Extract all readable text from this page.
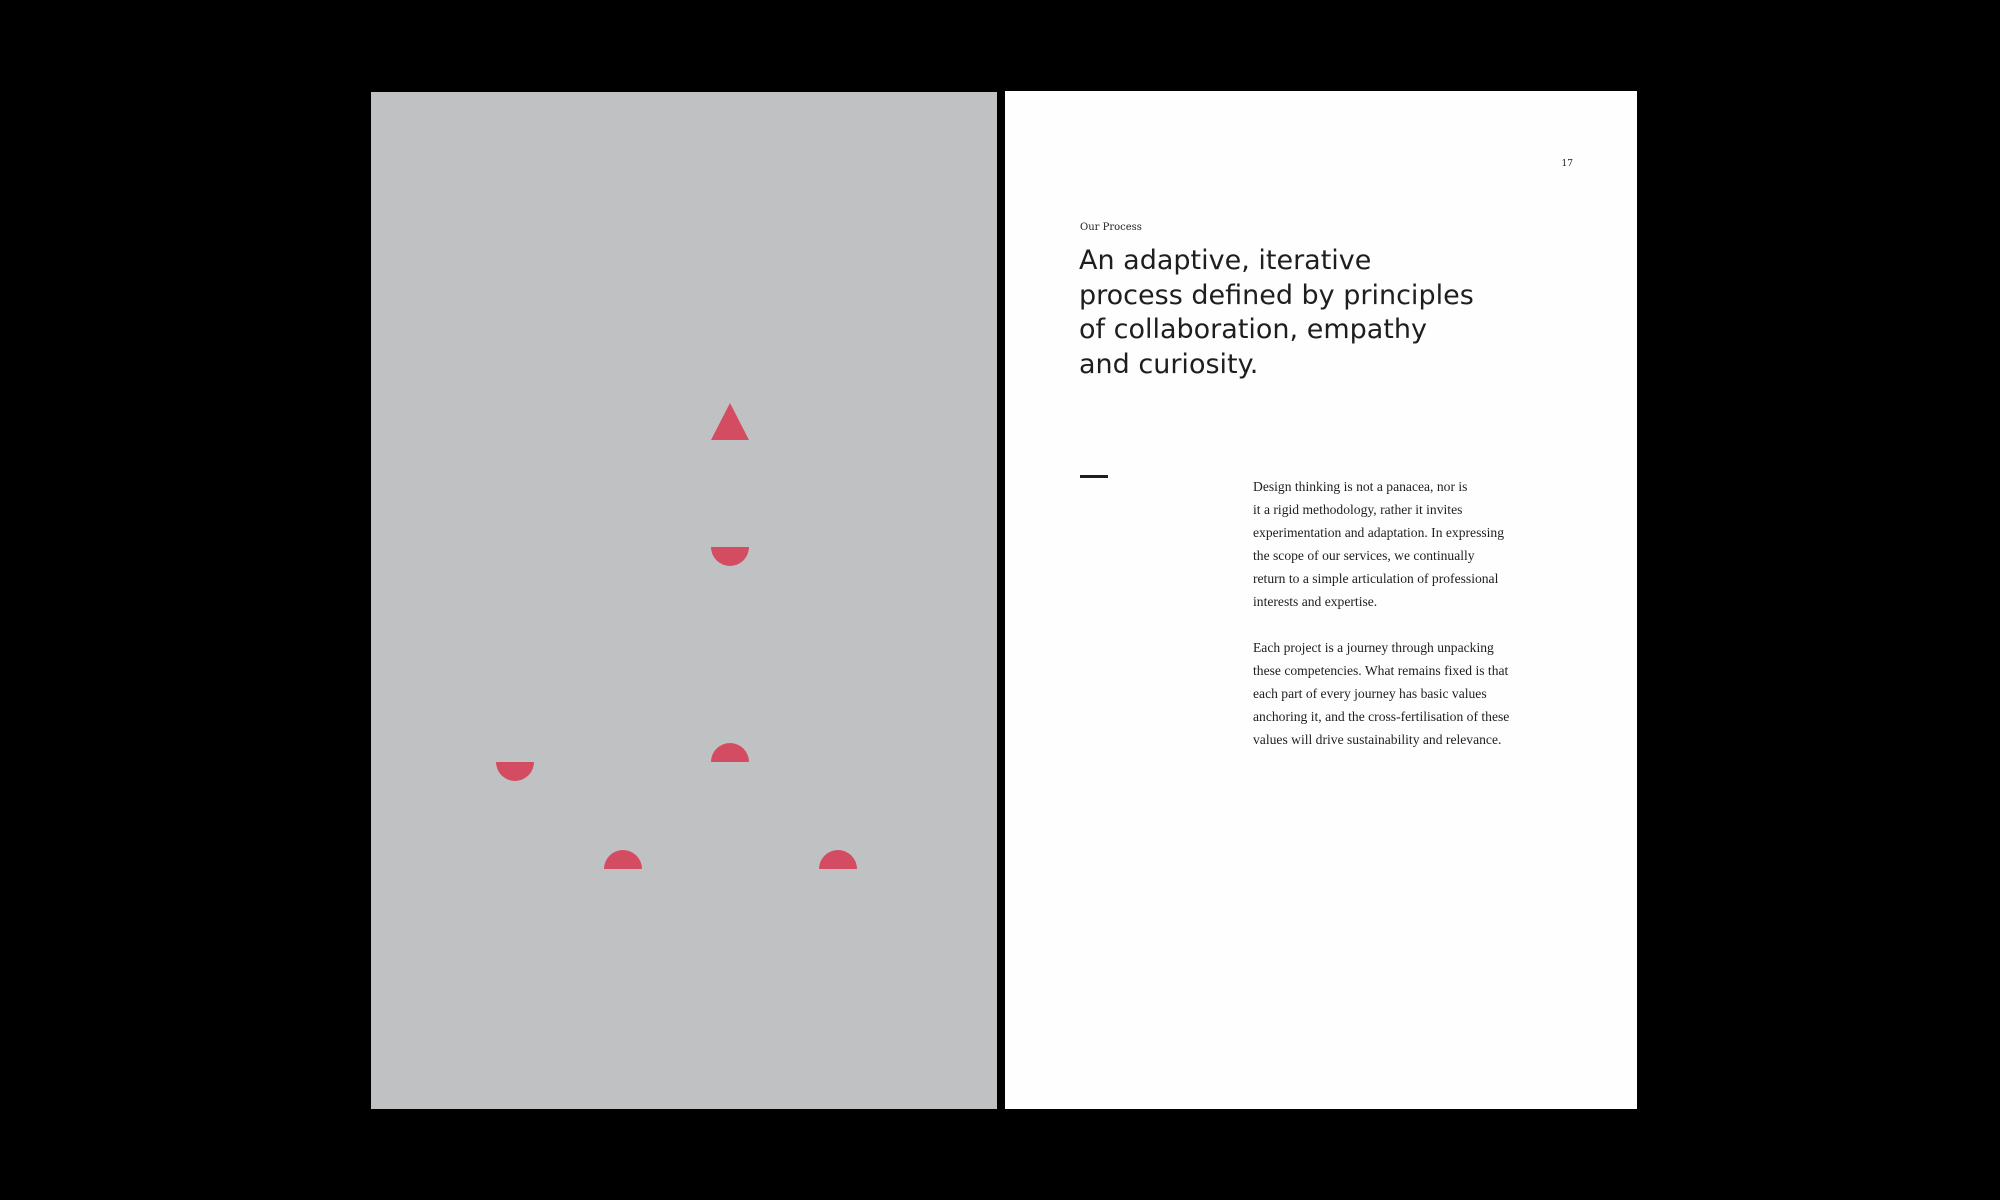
17
Our Process
An adaptive, iterative
process defined by principles
of collaboration, empathy
and curiosity.

Design thinking is not a panacea, nor is
it a rigid methodology, rather it invites
experimentation and adaptation. In expressing
the scope of our services, we continually
return to a simple articulation of professional
interests and expertise.

Each project is a journey through unpacking
these competencies. What remains fixed is that
each part of every journey has basic values
anchoring it, and the cross-fertilisation of these
values will drive sustainability and relevance.
